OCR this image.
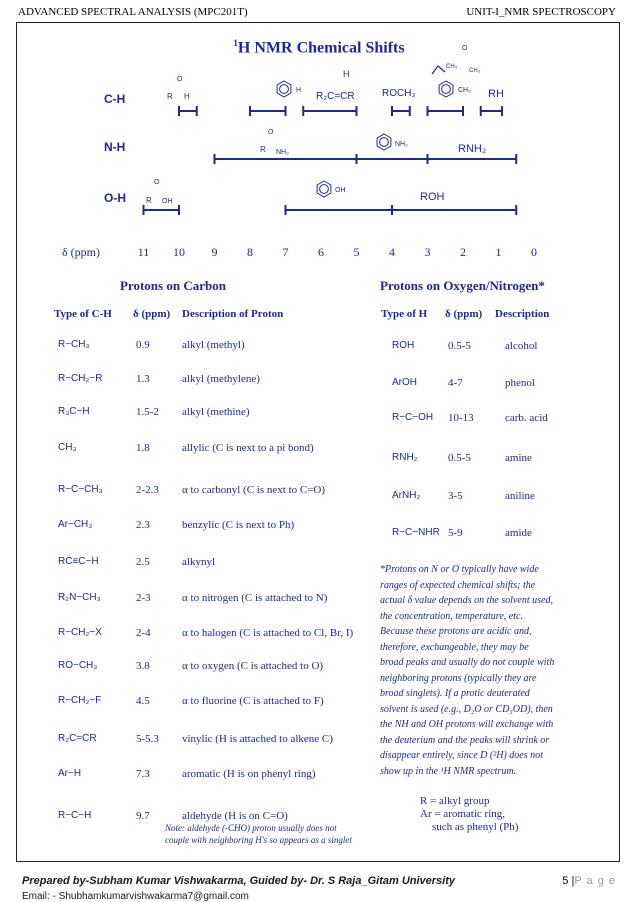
ADVANCED SPECTRAL ANALYSIS (MPC201T)	UNIT-I_NMR SPECTROSCOPY
$^1$H NMR Chemical Shifts
C-H
N-H
O-H
δ (ppm)	11 10 9 8 7 6 5 4 3 2 1 0
R H
O
H
R₂C=CR
H
ROCH₃
CH₃
O
CH₃
CH₃ RH
R NH₂
O
NH₂	RNH₂
R OH
O
OH
ROH
Protons on Carbon
Type of C-H δ (ppm) Description of Proton
R−CH₃	0.9	alkyl (methyl)
R−CH₂−R	1.3	alkyl (methylene)
R₃C−H	1.5-2 alkyl (methine)
CH₃	1.8	allylic (C is next to a pi bond)
R−C−CH₃	2-2.3 α to carbonyl (C is next to C=O)
Ar−CH₃	2.3	benzylic (C is next to Ph)
RC≡C−H	2.5	alkynyl
R₂N−CH₃	2-3	α to nitrogen (C is attached to N)
R−CH₂−X	2-4	α to halogen (C is attached to Cl, Br, I)
RO−CH₃	3.8	α to oxygen (C is attached to O)
R−CH₂−F	4.5	α to fluorine (C is attached to F)
R₂C=CR	5-5.3 vinylic (H is attached to alkene C)
Ar−H	7.3	aromatic (H is on phenyl ring)
R−C−H	9.7	aldehyde (H is on C=O)
Note: aldehyde (-CHO) proton usually does not
couple with neighboring H's so appears as a singlet
Protons on Oxygen/Nitrogen*
Type of H δ (ppm) Description
ROH	0.5-5	alcohol
ArOH	4-7	phenol
R−C−OH 10-13	carb. acid
RNH₂	0.5-5	amine
ArNH₂	3-5	aniline
R−C−NHR 5-9	amide
*Protons on N or O typically have wide
ranges of expected chemical shifts; the
actual δ value depends on the solvent used,
the concentration, temperature, etc.
Because these protons are acidic and,
therefore, exchangeable, they may be
broad peaks and usually do not couple with
neighboring protons (typically they are
broad singlets). If a protic deuterated
solvent is used (e.g., D₂O or CD₃OD), then
the NH and OH protons will exchange with
the deuterium and the peaks will shrink or
disappear entirely, since D (²H) does not
show up in the ¹H NMR spectrum.
R = alkyl group
Ar = aromatic ring,
such as phenyl (Ph)
Prepared by-Subham Kumar Vishwakarma, Guided by- Dr. S Raja_Gitam University
Email: - Shubhamkumarvishwakarma7@gmail.com
5 |P a g e
